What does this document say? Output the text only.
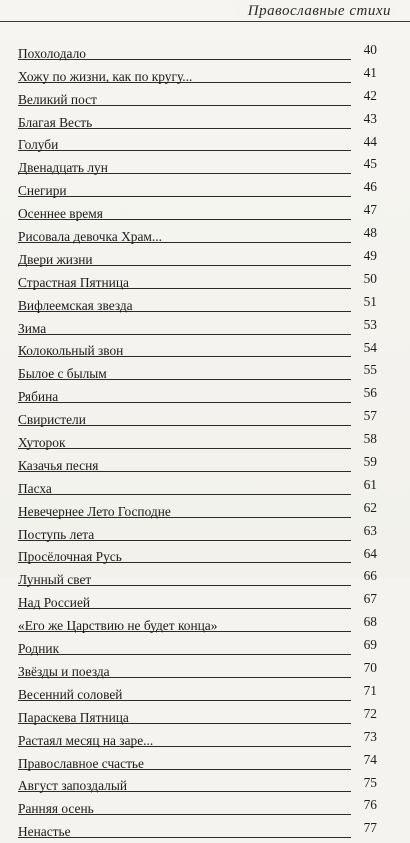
Православные стихи
Похолодало	40
Хожу по жизни, как по кругу...	41
Великий пост	42
Благая Весть	43
Голуби	44
Двенадцать лун	45
Снегири	46
Осеннее время	47
Рисовала девочка Храм...	48
Двери жизни	49
Страстная Пятница	50
Вифлеемская звезда	51
Зима	53
Колокольный звон	54
Былое с былым	55
Рябина	56
Свиристели	57
Хуторок	58
Казачья песня	59
Пасха	61
Невечернее Лето Господне	62
Поступь лета	63
Просёлочная Русь	64
Лунный свет	66
Над Россией	67
«Его же Царствию не будет конца»	68
Родник	69
Звёзды и поезда	70
Весенний соловей	71
Параскева Пятница	72
Растаял месяц на заре...	73
Православное счастье	74
Август запоздалый	75
Ранняя осень	76
Ненастье	77
